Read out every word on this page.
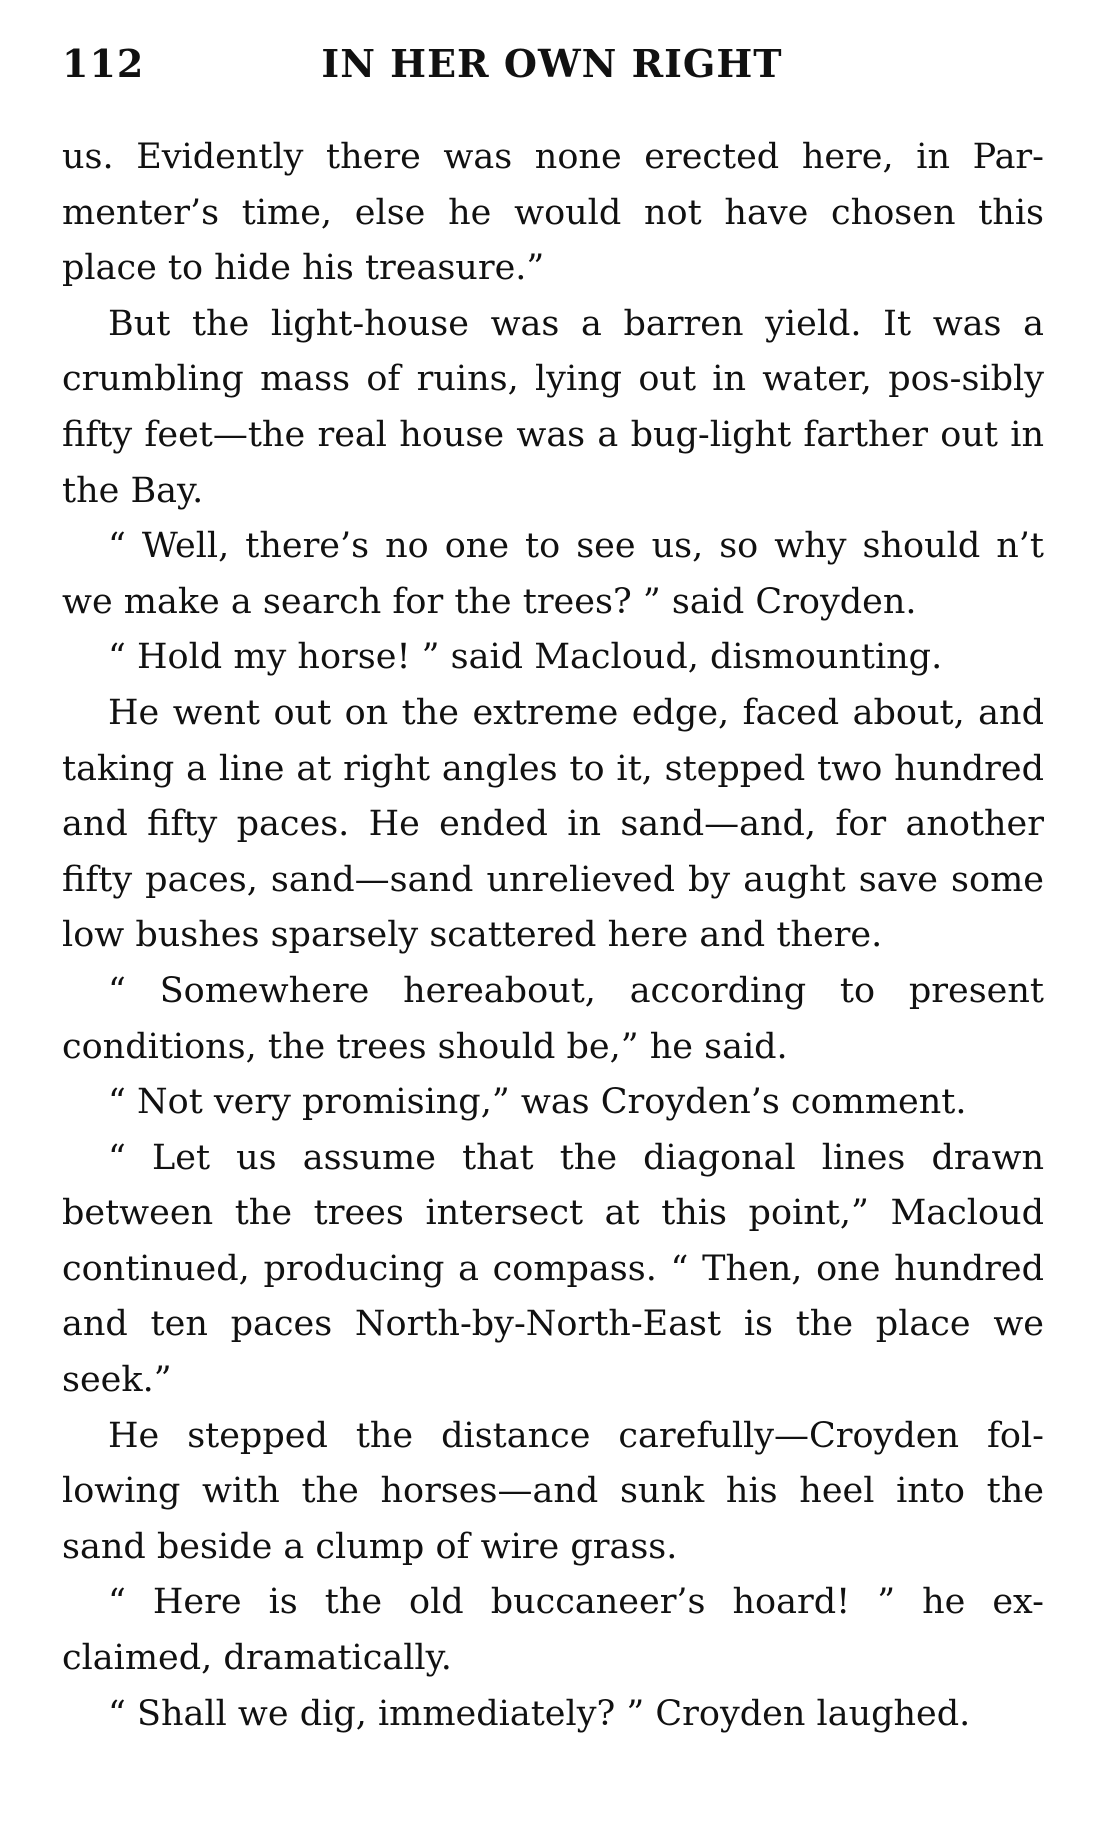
112	IN HER OWN RIGHT

us. Evidently there was none erected here, in Par-menter’s time, else he would not have chosen this place to hide his treasure.”

But the light-house was a barren yield. It was a crumbling mass of ruins, lying out in water, pos-sibly fifty feet—the real house was a bug-light farther out in the Bay.

“ Well, there’s no one to see us, so why should n’t we make a search for the trees? ” said Croyden.

“ Hold my horse! ” said Macloud, dismounting.

He went out on the extreme edge, faced about, and taking a line at right angles to it, stepped two hundred and fifty paces. He ended in sand—and, for another fifty paces, sand—sand unrelieved by aught save some low bushes sparsely scattered here and there.

“ Somewhere hereabout, according to present conditions, the trees should be,” he said.

“ Not very promising,” was Croyden’s comment.

“ Let us assume that the diagonal lines drawn between the trees intersect at this point,” Macloud continued, producing a compass. “ Then, one hundred and ten paces North-by-North-East is the place we seek.”

He stepped the distance carefully—Croyden fol-lowing with the horses—and sunk his heel into the sand beside a clump of wire grass.

“ Here is the old buccaneer’s hoard! ” he ex-claimed, dramatically.

“ Shall we dig, immediately? ” Croyden laughed.
